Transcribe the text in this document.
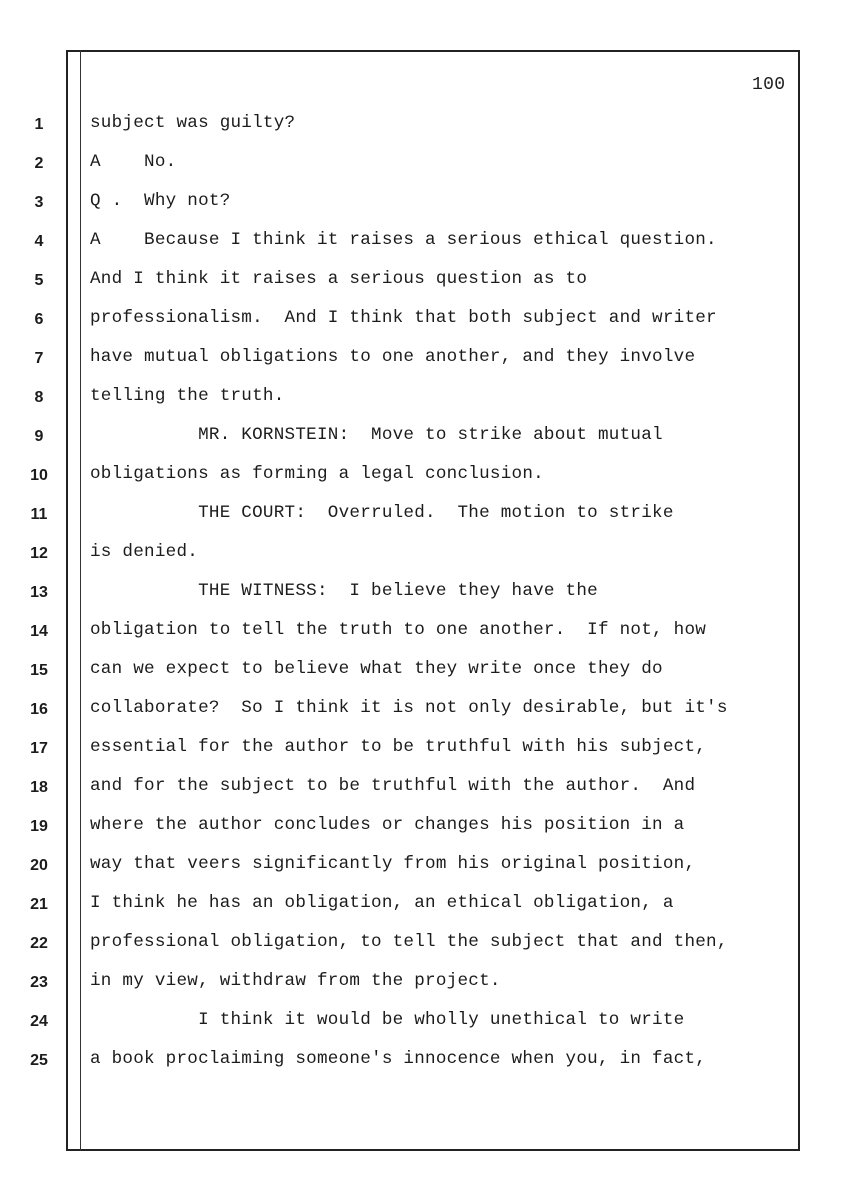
100
1
2
3
4
5
6
7
8
9
10
11
12
13
14
15
16
17
18
19
20
21
22
23
24
25
subject was guilty?
A    No.
Q .  Why not?
A    Because I think it raises a serious ethical question.
And I think it raises a serious question as to
professionalism.  And I think that both subject and writer
have mutual obligations to one another, and they involve
telling the truth.
MR. KORNSTEIN:  Move to strike about mutual
obligations as forming a legal conclusion.
THE COURT:  Overruled.  The motion to strike
is denied.
THE WITNESS:  I believe they have the
obligation to tell the truth to one another.  If not, how
can we expect to believe what they write once they do
collaborate?  So I think it is not only desirable, but it's
essential for the author to be truthful with his subject,
and for the subject to be truthful with the author.  And
where the author concludes or changes his position in a
way that veers significantly from his original position,
I think he has an obligation, an ethical obligation, a
professional obligation, to tell the subject that and then,
in my view, withdraw from the project.
I think it would be wholly unethical to write
a book proclaiming someone's innocence when you, in fact,
